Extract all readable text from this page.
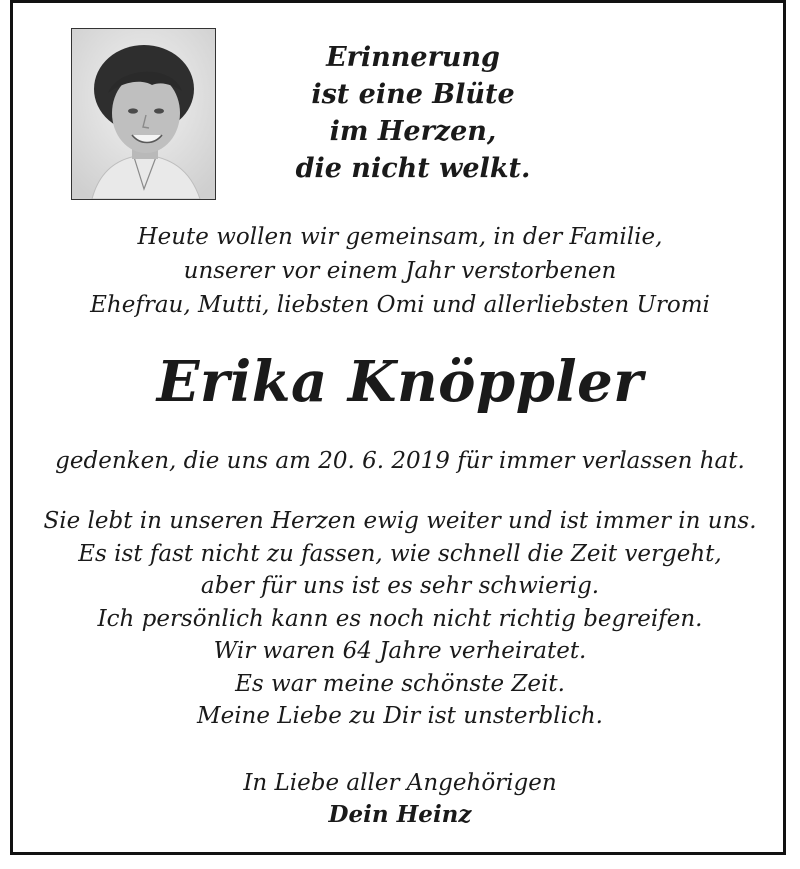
Erinnerung
ist eine Blüte
im Herzen,
die nicht welkt.
Heute wollen wir gemeinsam, in der Familie,
unserer vor einem Jahr verstorbenen
Ehefrau, Mutti, liebsten Omi und allerliebsten Uromi
Erika Knöppler
gedenken, die uns am 20. 6. 2019 für immer verlassen hat.
Sie lebt in unseren Herzen ewig weiter und ist immer in uns.
Es ist fast nicht zu fassen, wie schnell die Zeit vergeht,
aber für uns ist es sehr schwierig.
Ich persönlich kann es noch nicht richtig begreifen.
Wir waren 64 Jahre verheiratet.
Es war meine schönste Zeit.
Meine Liebe zu Dir ist unsterblich.
In Liebe aller Angehörigen
Dein Heinz
